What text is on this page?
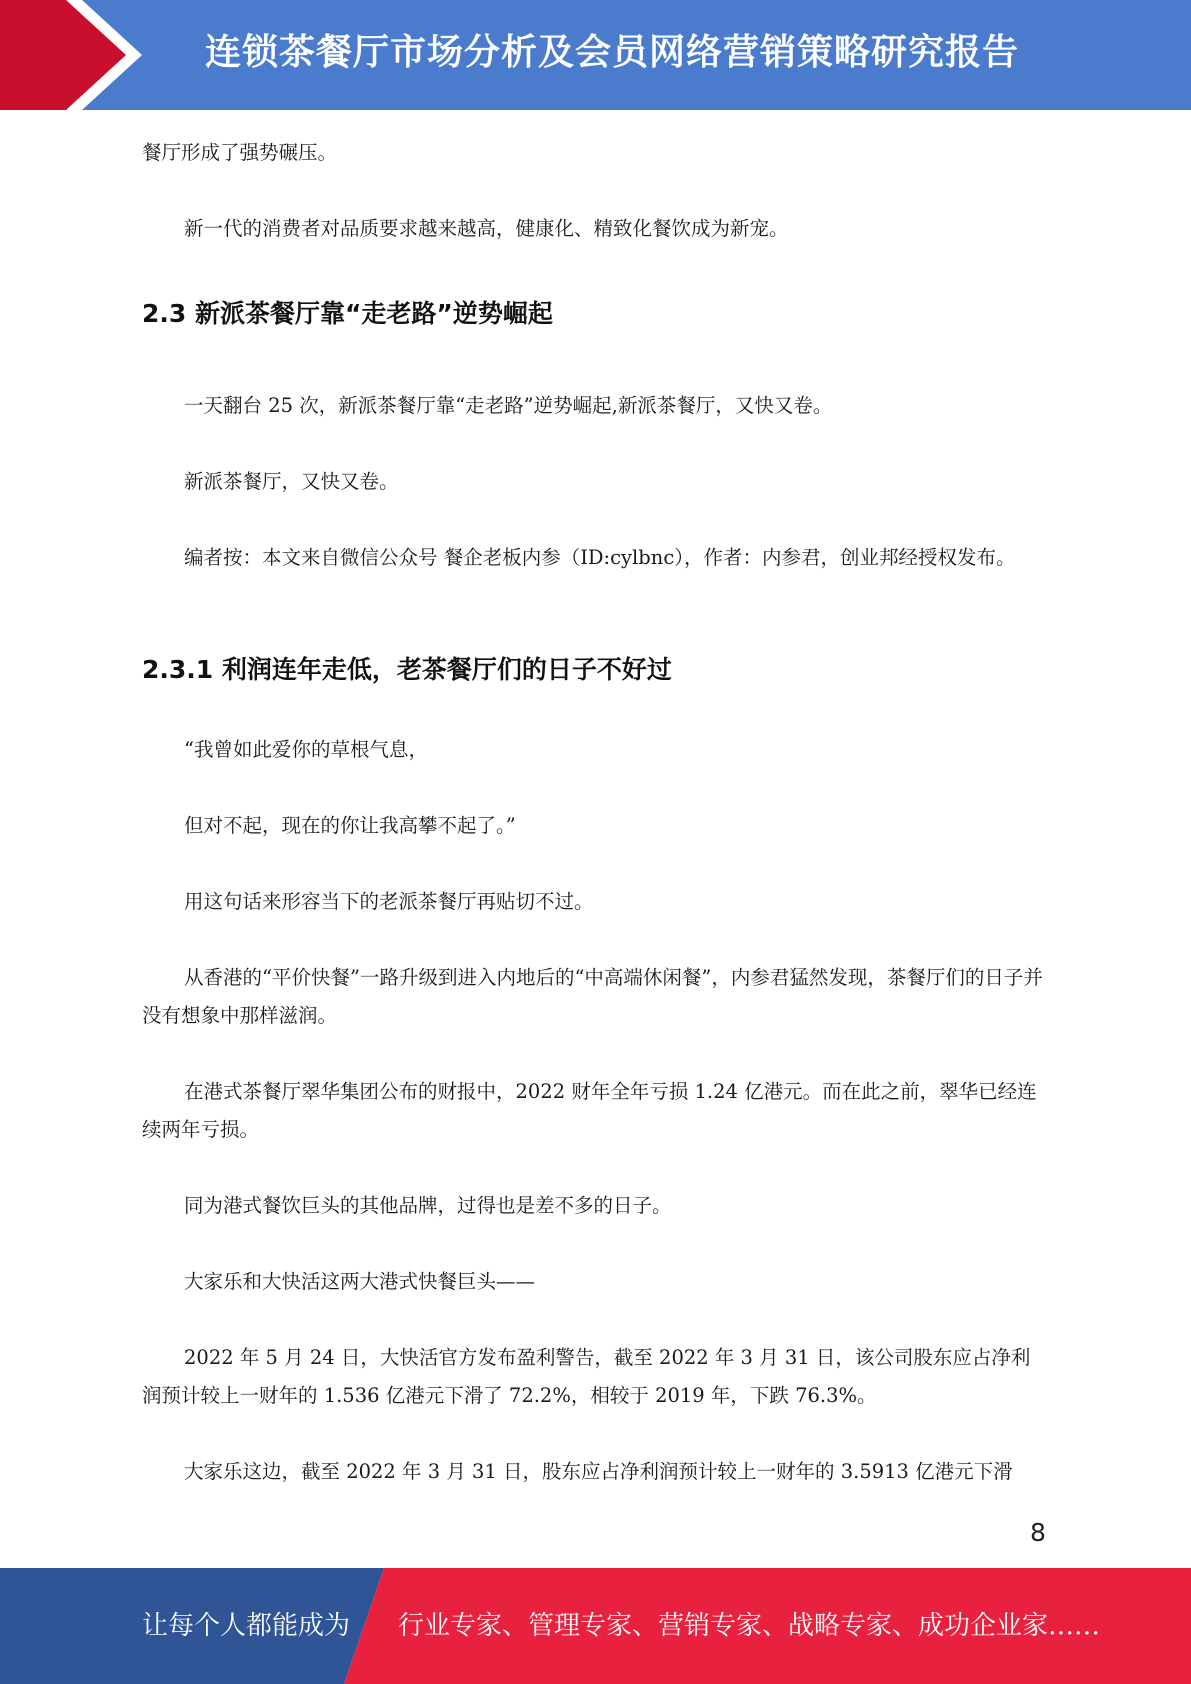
连锁茶餐厅市场分析及会员网络营销策略研究报告

餐厅形成了强势碾压。

新一代的消费者对品质要求越来越高，健康化、精致化餐饮成为新宠。

2.3 新派茶餐厅靠“走老路”逆势崛起

一天翻台 25 次，新派茶餐厅靠“走老路”逆势崛起,新派茶餐厅，又快又卷。

新派茶餐厅，又快又卷。

编者按：本文来自微信公众号 餐企老板内参（ID:cylbnc），作者：内参君，创业邦经授权发布。

2.3.1 利润连年走低，老茶餐厅们的日子不好过

“我曾如此爱你的草根气息，

但对不起，现在的你让我高攀不起了。”

用这句话来形容当下的老派茶餐厅再贴切不过。

从香港的“平价快餐”一路升级到进入内地后的“中高端休闲餐”，内参君猛然发现，茶餐厅们的日子并没有想象中那样滋润。

在港式茶餐厅翠华集团公布的财报中，2022 财年全年亏损 1.24 亿港元。而在此之前，翠华已经连续两年亏损。

同为港式餐饮巨头的其他品牌，过得也是差不多的日子。

大家乐和大快活这两大港式快餐巨头——

2022 年 5 月 24 日，大快活官方发布盈利警告，截至 2022 年 3 月 31 日，该公司股东应占净利润预计较上一财年的 1.536 亿港元下滑了 72.2%，相较于 2019 年，下跌 76.3%。

大家乐这边，截至 2022 年 3 月 31 日，股东应占净利润预计较上一财年的 3.5913 亿港元下滑

8
让每个人都能成为 行业专家、管理专家、营销专家、战略专家、成功企业家……
